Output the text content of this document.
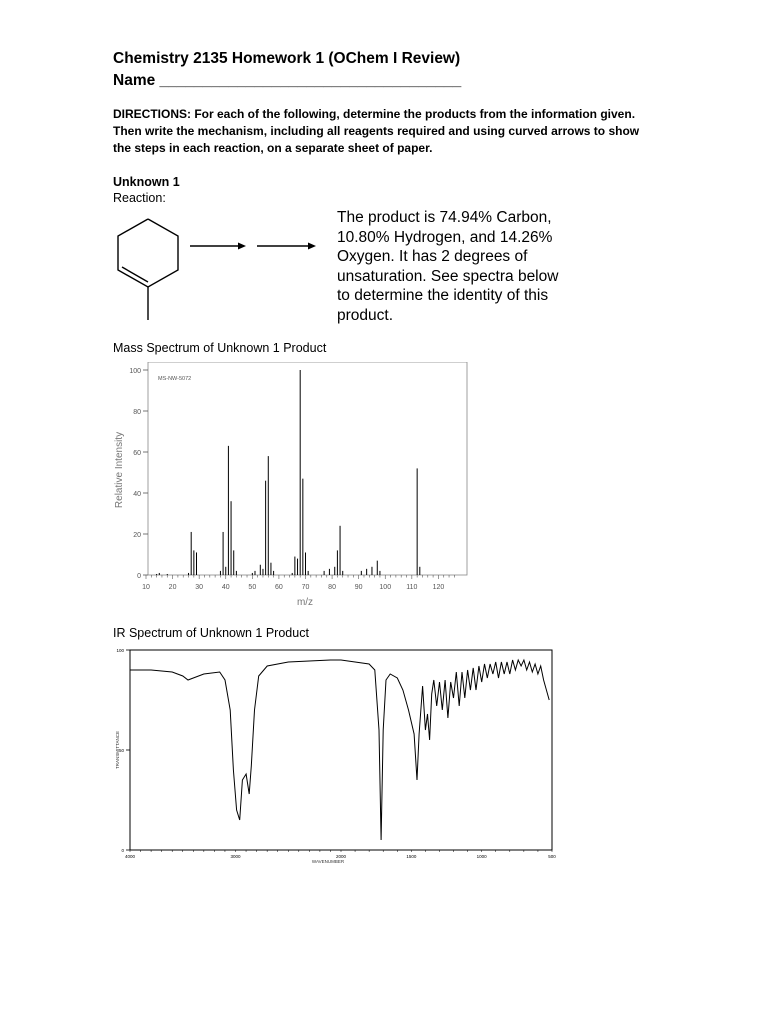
Chemistry 2135 Homework 1 (OChem I Review)
Name ___________________________________
DIRECTIONS: For each of the following, determine the products from the information given. Then write the mechanism, including all reagents required and using curved arrows to show the steps in each reaction, on a separate sheet of paper.
Unknown 1
Reaction:
The product is 74.94% Carbon,
10.80% Hydrogen, and 14.26%
Oxygen. It has 2 degrees of
unsaturation. See spectra below
to determine the identity of this
product.
Mass Spectrum of Unknown 1 Product
MS-NW-5072
0
20
40
60
80
100
10	20	30	40	50	60	70	80	90 100 110 120
Relative Intensity
m/z
IR Spectrum of Unknown 1 Product
0
50
100
4000	3000	2000	1500	1000	500
TRANSMITTANCE
WAVENUMBER
